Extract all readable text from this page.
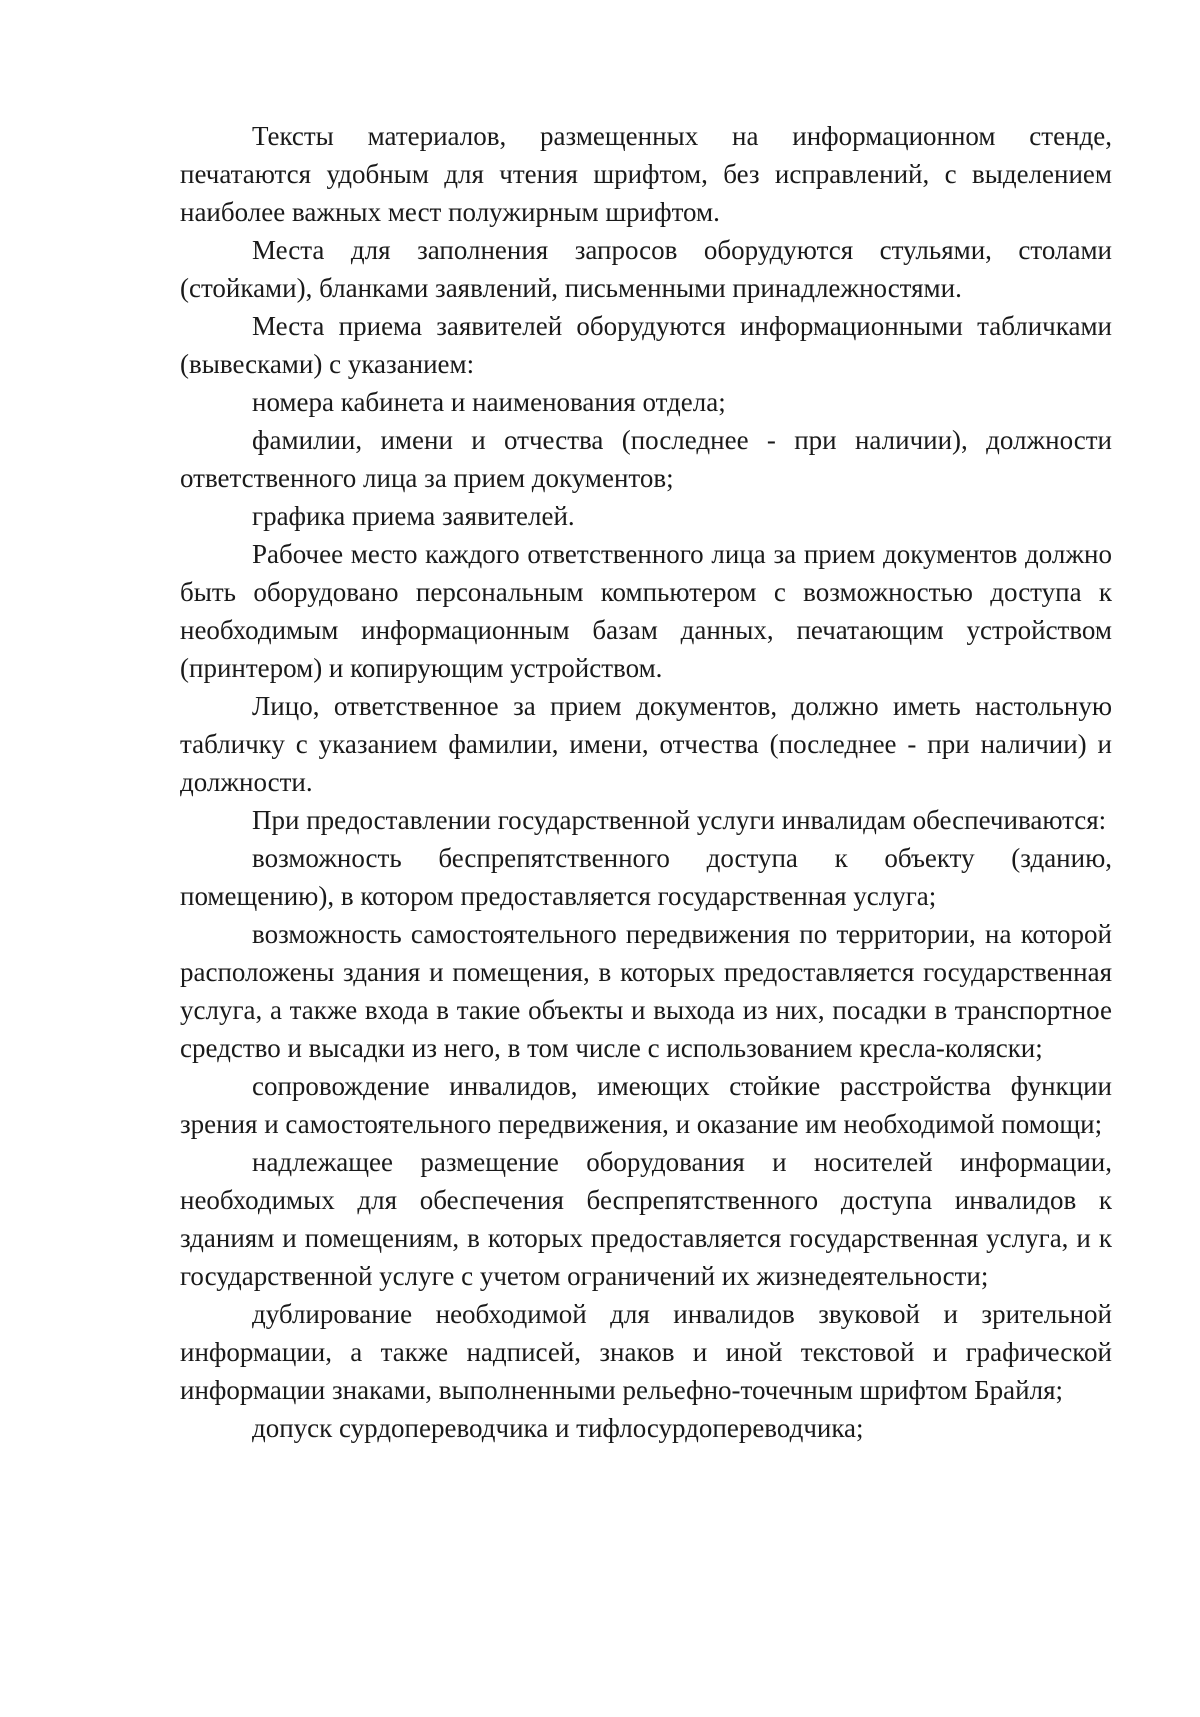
Тексты материалов, размещенных на информационном стенде, печатаются удобным для чтения шрифтом, без исправлений, с выделением наиболее важных мест полужирным шрифтом.

Места для заполнения запросов оборудуются стульями, столами (стойками), бланками заявлений, письменными принадлежностями.

Места приема заявителей оборудуются информационными табличками (вывесками) с указанием:

номера кабинета и наименования отдела;

фамилии, имени и отчества (последнее - при наличии), должности ответственного лица за прием документов;

графика приема заявителей.

Рабочее место каждого ответственного лица за прием документов должно быть оборудовано персональным компьютером с возможностью доступа к необходимым информационным базам данных, печатающим устройством (принтером) и копирующим устройством.

Лицо, ответственное за прием документов, должно иметь настольную табличку с указанием фамилии, имени, отчества (последнее - при наличии) и должности.

При предоставлении государственной услуги инвалидам обеспечиваются:

возможность беспрепятственного доступа к объекту (зданию, помещению), в котором предоставляется государственная услуга;

возможность самостоятельного передвижения по территории, на которой расположены здания и помещения, в которых предоставляется государственная услуга, а также входа в такие объекты и выхода из них, посадки в транспортное средство и высадки из него, в том числе с использованием кресла-коляски;

сопровождение инвалидов, имеющих стойкие расстройства функции зрения и самостоятельного передвижения, и оказание им необходимой помощи;

надлежащее размещение оборудования и носителей информации, необходимых для обеспечения беспрепятственного доступа инвалидов к зданиям и помещениям, в которых предоставляется государственная услуга, и к государственной услуге с учетом ограничений их жизнедеятельности;

дублирование необходимой для инвалидов звуковой и зрительной информации, а также надписей, знаков и иной текстовой и графической информации знаками, выполненными рельефно-точечным шрифтом Брайля;

допуск сурдопереводчика и тифлосурдопереводчика;
